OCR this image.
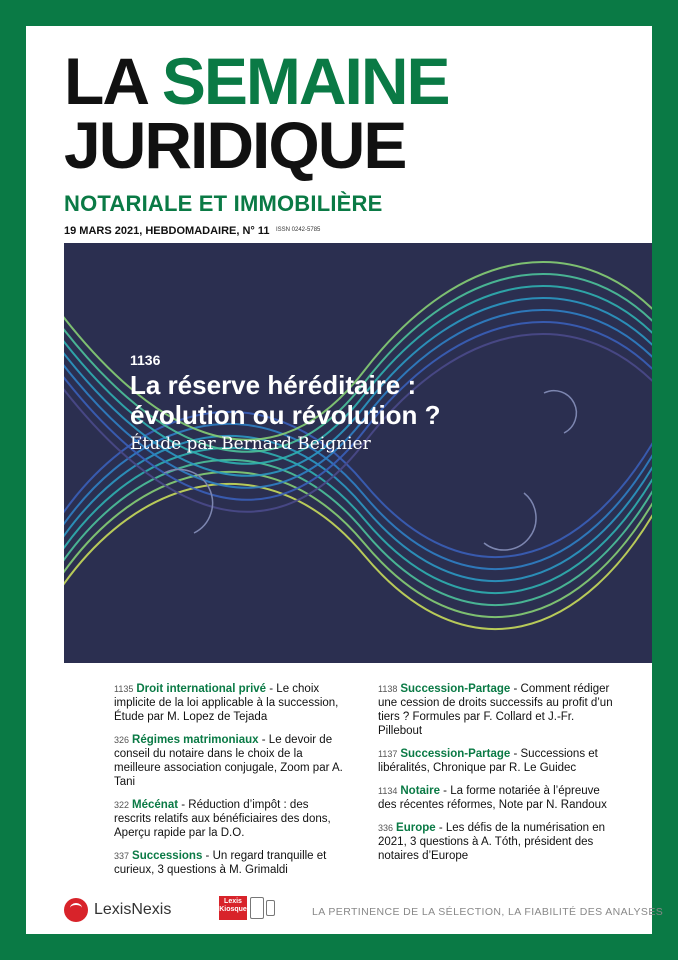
LA SEMAINE
JURIDIQUE
NOTARIALE ET IMMOBILIÈRE
19 MARS 2021, HEBDOMADAIRE, N° 11 ISSN 0242-5785
1136
La réserve héréditaire :
évolution ou révolution ?
Étude par Bernard Beignier
1135 Droit international privé - Le choix implicite de la loi applicable à la succession, Étude par M. Lopez de Tejada
326 Régimes matrimoniaux - Le devoir de conseil du notaire dans le choix de la meilleure association conjugale, Zoom par A. Tani
322 Mécénat - Réduction d’impôt : des rescrits relatifs aux bénéficiaires des dons, Aperçu rapide par la D.O.
337 Successions - Un regard tranquille et curieux, 3 questions à M. Grimaldi
1138 Succession-Partage - Comment rédiger une cession de droits successifs au profit d’un tiers ? Formules par F. Collard et J.-Fr. Pillebout
1137 Succession-Partage - Successions et libéralités, Chronique par R. Le Guidec
1134 Notaire - La forme notariée à l’épreuve des récentes réformes, Note par N. Randoux
336 Europe - Les défis de la numérisation en 2021, 3 questions à A. Tóth, président des notaires d’Europe
LexisNexis	Lexis
Kiosque	LA PERTINENCE DE LA SÉLECTION, LA FIABILITÉ DES ANALYSES
